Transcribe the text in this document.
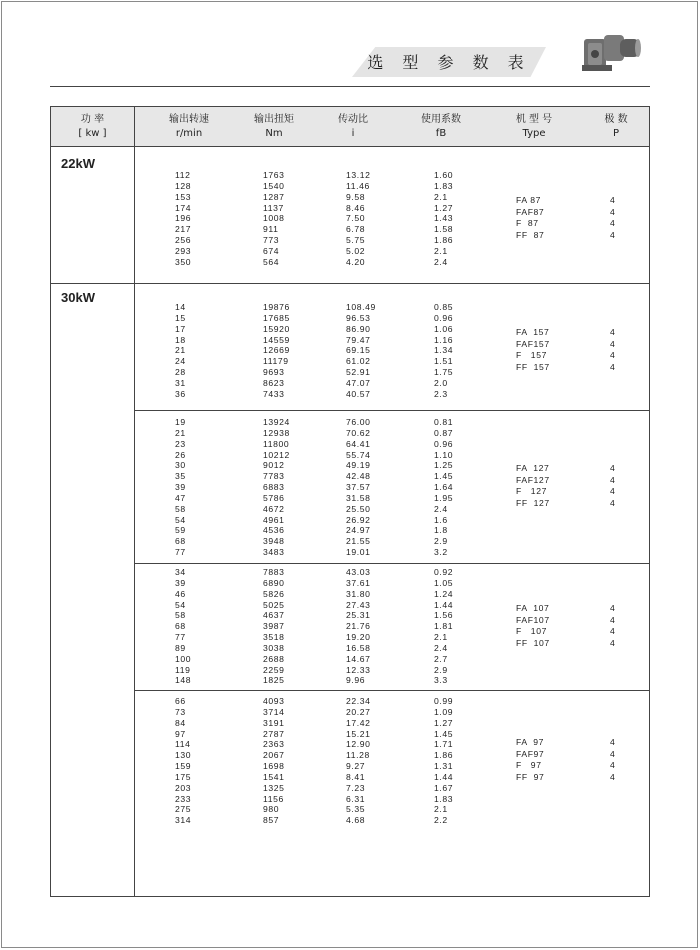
选 型 参 数 表
功 率
[ kw ]
输出转速
r/min
输出扭矩
Nm
传动比
i
使用系数
fB
机 型 号
Type
极 数
P
22kW
30kW
112
128
153
174
196
217
256
293
350
1763
1540
1287
1137
1008
911
773
674
564
13.12
11.46
9.58
8.46
7.50
6.78
5.75
5.02
4.20
1.60
1.83
2.1
1.27
1.43
1.58
1.86
2.1
2.4
FA 87
FAF87
F  87
FF  87
4
4
4
4
14
15
17
18
21
24
28
31
36
19876
17685
15920
14559
12669
11179
9693
8623
7433
108.49
96.53
86.90
79.47
69.15
61.02
52.91
47.07
40.57
0.85
0.96
1.06
1.16
1.34
1.51
1.75
2.0
2.3
FA  157
FAF157
F   157
FF  157
4
4
4
4
19
21
23
26
30
35
39
47
58
54
59
68
77
13924
12938
11800
10212
9012
7783
6883
5786
4672
4961
4536
3948
3483
76.00
70.62
64.41
55.74
49.19
42.48
37.57
31.58
25.50
26.92
24.97
21.55
19.01
0.81
0.87
0.96
1.10
1.25
1.45
1.64
1.95
2.4
1.6
1.8
2.9
3.2
FA  127
FAF127
F   127
FF  127
4
4
4
4
34
39
46
54
58
68
77
89
100
119
148
7883
6890
5826
5025
4637
3987
3518
3038
2688
2259
1825
43.03
37.61
31.80
27.43
25.31
21.76
19.20
16.58
14.67
12.33
9.96
0.92
1.05
1.24
1.44
1.56
1.81
2.1
2.4
2.7
2.9
3.3
FA  107
FAF107
F   107
FF  107
4
4
4
4
66
73
84
97
114
130
159
175
203
233
275
314
4093
3714
3191
2787
2363
2067
1698
1541
1325
1156
980
857
22.34
20.27
17.42
15.21
12.90
11.28
9.27
8.41
7.23
6.31
5.35
4.68
0.99
1.09
1.27
1.45
1.71
1.86
1.31
1.44
1.67
1.83
2.1
2.2
FA  97
FAF97
F   97
FF  97
4
4
4
4
